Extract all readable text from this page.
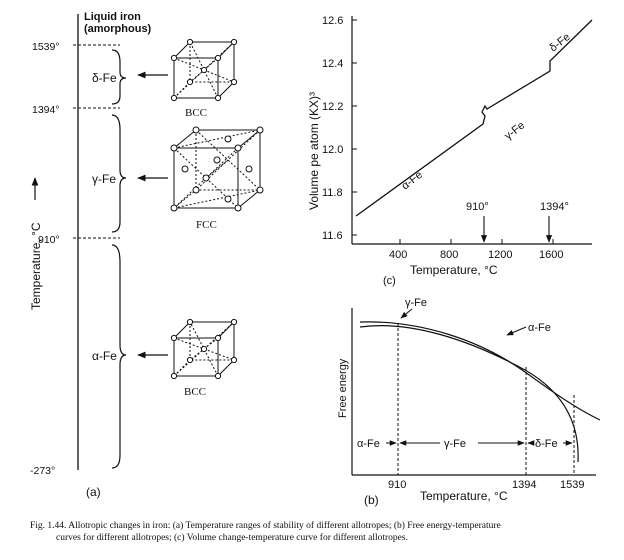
Liquid iron
(amorphous)
1539°
1394°
910°
-273°
Temperature, °C
δ-Fe
γ-Fe
α-Fe
BCC
FCC
BCC
(a)
12.6
12.4
12.2
12.0
11.8
11.6
400	800	1200 1600
Temperature, °C
Volume pe atom (KX)³	α-Fe
γ-Fe
δ-Fe
910°	1394°
(c)
Free energy
γ-Fe
α-Fe
α-Fe	γ-Fe	δ-Fe
910	1394 1539
Temperature, °C
(b)
Fig. 1.44. Allotropic changes in iron: (a) Temperature ranges of stability of different allotropes; (b) Free energy-temperature
curves for different allotropes; (c) Volume change-temperature curve for different allotropes.
